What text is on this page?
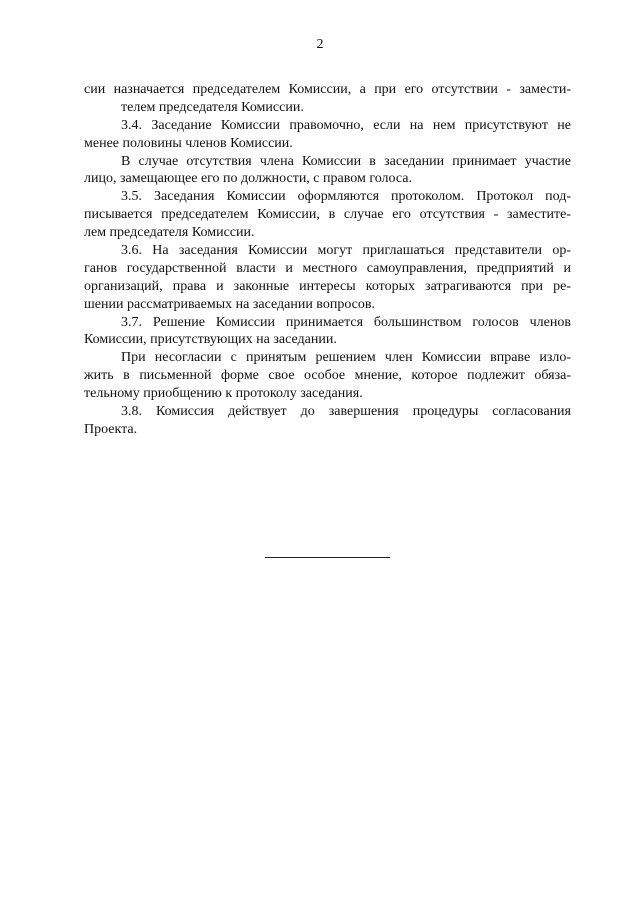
2
сии назначается председателем Комиссии, а при его отсутствии - замести-
телем председателя Комиссии.
3.4. Заседание Комиссии правомочно, если на нем присутствуют не
менее половины членов Комиссии.
В случае отсутствия члена Комиссии в заседании принимает участие
лицо, замещающее его по должности, с правом голоса.
3.5. Заседания Комиссии оформляются протоколом. Протокол под-
писывается председателем Комиссии, в случае его отсутствия - заместите-
лем председателя Комиссии.
3.6. На заседания Комиссии могут приглашаться представители ор-
ганов государственной власти и местного самоуправления, предприятий и
организаций, права и законные интересы которых затрагиваются при ре-
шении рассматриваемых на заседании вопросов.
3.7. Решение Комиссии принимается большинством голосов членов
Комиссии, присутствующих на заседании.
При несогласии с принятым решением член Комиссии вправе изло-
жить в письменной форме свое особое мнение, которое подлежит обяза-
тельному приобщению к протоколу заседания.
3.8. Комиссия действует до завершения процедуры согласования
Проекта.
